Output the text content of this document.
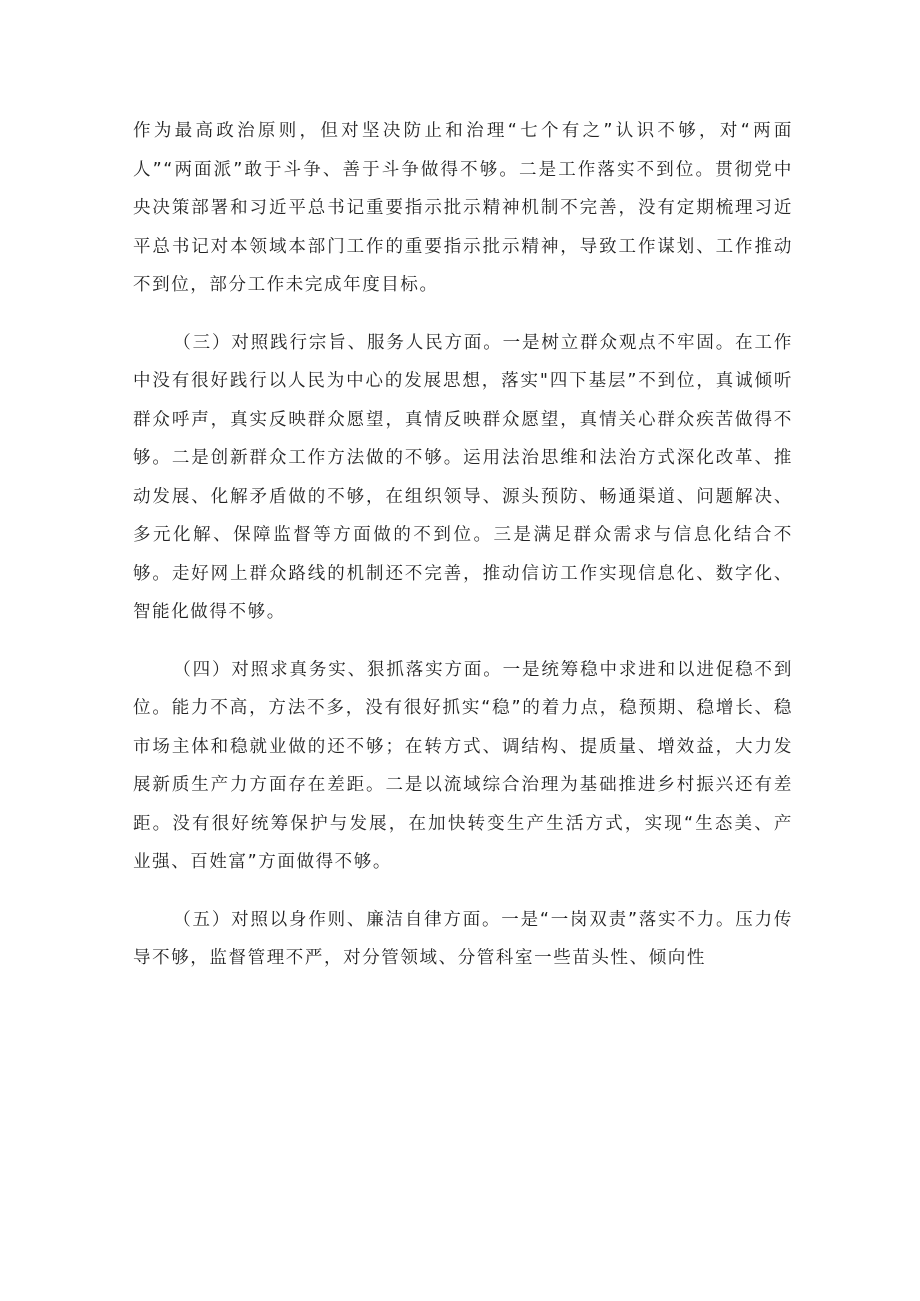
作为最高政治原则，但对坚决防止和治理“七个有之”认识不够，对“两面人”“两面派”敢于斗争、善于斗争做得不够。二是工作落实不到位。贯彻党中央决策部署和习近平总书记重要指示批示精神机制不完善，没有定期梳理习近平总书记对本领域本部门工作的重要指示批示精神，导致工作谋划、工作推动不到位，部分工作未完成年度目标。

（三）对照践行宗旨、服务人民方面。一是树立群众观点不牢固。在工作中没有很好践行以人民为中心的发展思想，落实"四下基层”不到位，真诚倾听群众呼声，真实反映群众愿望，真情反映群众愿望，真情关心群众疾苦做得不够。二是创新群众工作方法做的不够。运用法治思维和法治方式深化改革、推动发展、化解矛盾做的不够，在组织领导、源头预防、畅通渠道、问题解决、多元化解、保障监督等方面做的不到位。三是满足群众需求与信息化结合不够。走好网上群众路线的机制还不完善，推动信访工作实现信息化、数字化、智能化做得不够。

（四）对照求真务实、狠抓落实方面。一是统筹稳中求进和以进促稳不到位。能力不高，方法不多，没有很好抓实“稳”的着力点，稳预期、稳增长、稳市场主体和稳就业做的还不够；在转方式、调结构、提质量、增效益，大力发展新质生产力方面存在差距。二是以流域综合治理为基础推进乡村振兴还有差距。没有很好统筹保护与发展，在加快转变生产生活方式，实现“生态美、产业强、百姓富”方面做得不够。

（五）对照以身作则、廉洁自律方面。一是“一岗双责”落实不力。压力传导不够，监督管理不严，对分管领域、分管科室一些苗头性、倾向性
